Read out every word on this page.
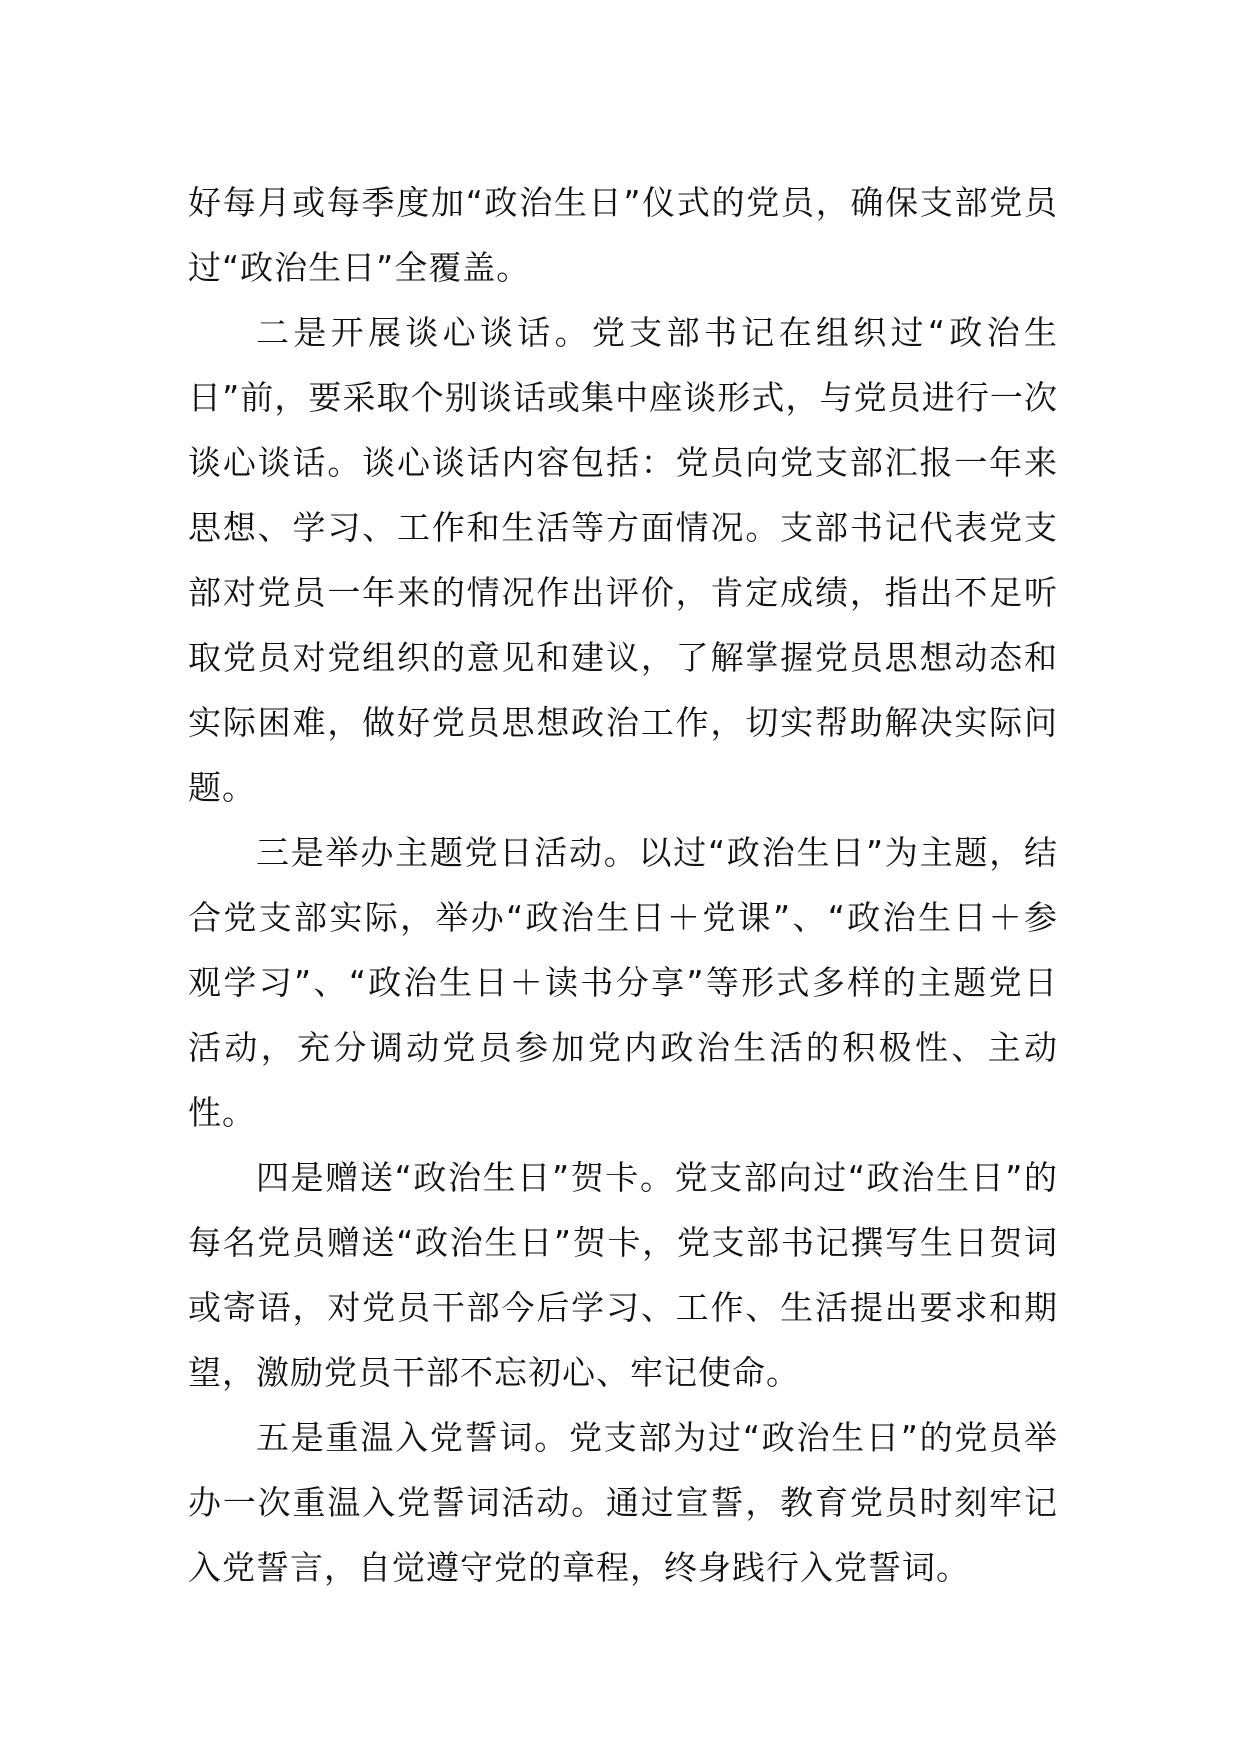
好每月或每季度加“政治生日”仪式的党员，确保支部党员过“政治生日”全覆盖。

二是开展谈心谈话。党支部书记在组织过“政治生日”前，要采取个别谈话或集中座谈形式，与党员进行一次谈心谈话。谈心谈话内容包括：党员向党支部汇报一年来思想、学习、工作和生活等方面情况。支部书记代表党支部对党员一年来的情况作出评价，肯定成绩，指出不足听取党员对党组织的意见和建议，了解掌握党员思想动态和实际困难，做好党员思想政治工作，切实帮助解决实际问题。

三是举办主题党日活动。以过“政治生日”为主题，结合党支部实际，举办“政治生日＋党课”、“政治生日＋参观学习”、“政治生日＋读书分享”等形式多样的主题党日活动，充分调动党员参加党内政治生活的积极性、主动性。

四是赠送“政治生日”贺卡。党支部向过“政治生日”的每名党员赠送“政治生日”贺卡，党支部书记撰写生日贺词或寄语，对党员干部今后学习、工作、生活提出要求和期望，激励党员干部不忘初心、牢记使命。

五是重温入党誓词。党支部为过“政治生日”的党员举办一次重温入党誓词活动。通过宣誓，教育党员时刻牢记入党誓言，自觉遵守党的章程，终身践行入党誓词。
